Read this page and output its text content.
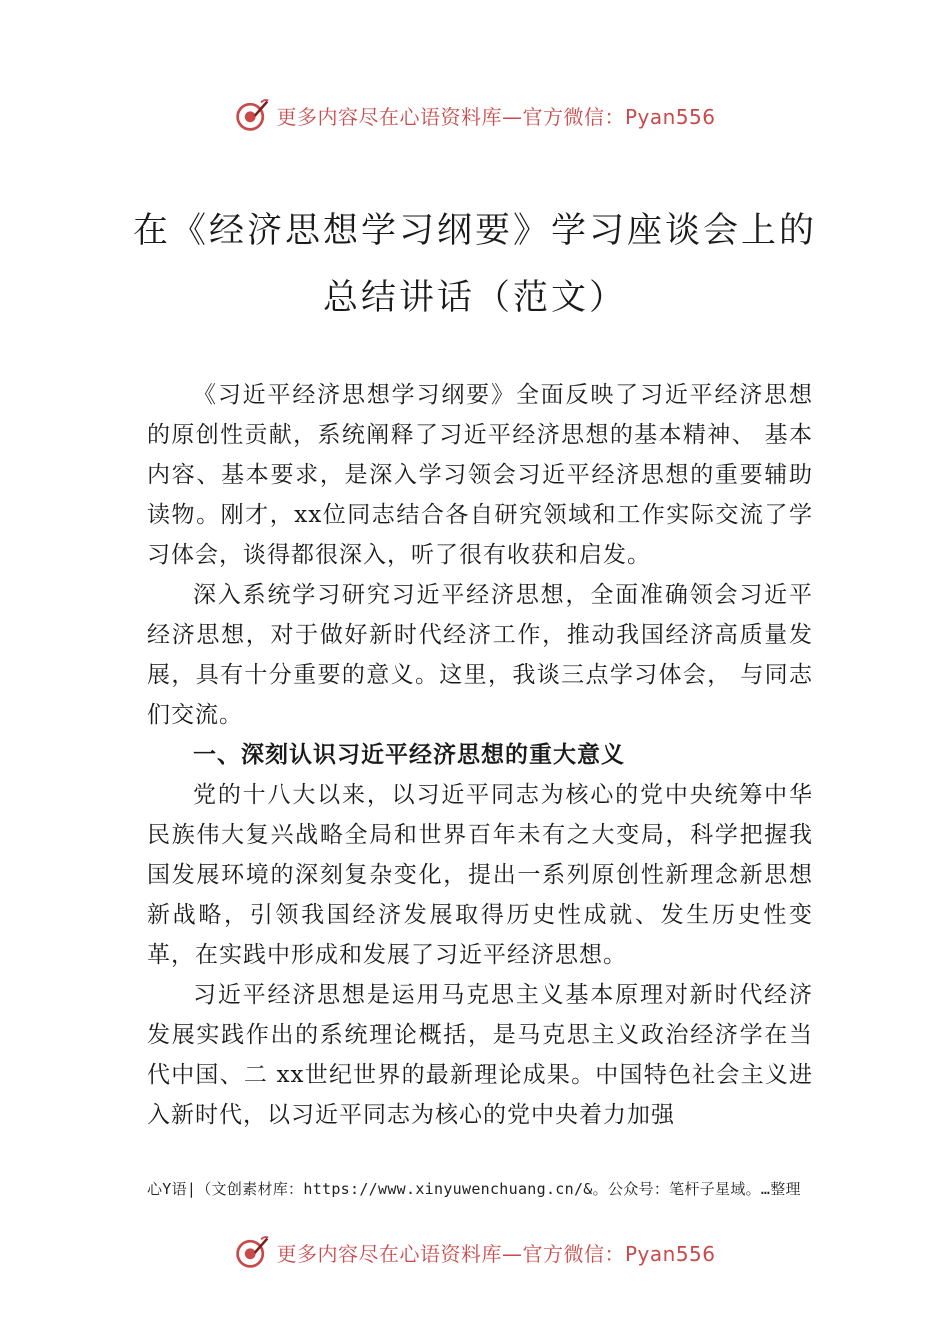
更多内容尽在心语资料库—官方微信：Pyan556
在《经济思想学习纲要》学习座谈会上的
总结讲话（范文）

《习近平经济思想学习纲要》全面反映了习近平经济思想的原创性贡献，系统阐释了习近平经济思想的基本精神、 基本内容、基本要求，是深入学习领会习近平经济思想的重要辅助读物。刚才，xx位同志结合各自研究领域和工作实际交流了学习体会，谈得都很深入，听了很有收获和启发。

深入系统学习研究习近平经济思想，全面准确领会习近平经济思想，对于做好新时代经济工作，推动我国经济高质量发展，具有十分重要的意义。这里，我谈三点学习体会， 与同志们交流。

一、深刻认识习近平经济思想的重大意义

党的十八大以来，以习近平同志为核心的党中央统筹中华民族伟大复兴战略全局和世界百年未有之大变局，科学把握我国发展环境的深刻复杂变化，提出一系列原创性新理念新思想新战略，引领我国经济发展取得历史性成就、发生历史性变革，在实践中形成和发展了习近平经济思想。

习近平经济思想是运用马克思主义基本原理对新时代经济发展实践作出的系统理论概括，是马克思主义政治经济学在当代中国、二 xx世纪世界的最新理论成果。中国特色社会主义进入新时代，以习近平同志为核心的党中央着力加强

心Y语|（文创素材库：https://www.xinyuwenchuang.cn/&。公众号：笔杆子星域。…整理
更多内容尽在心语资料库—官方微信：Pyan556
